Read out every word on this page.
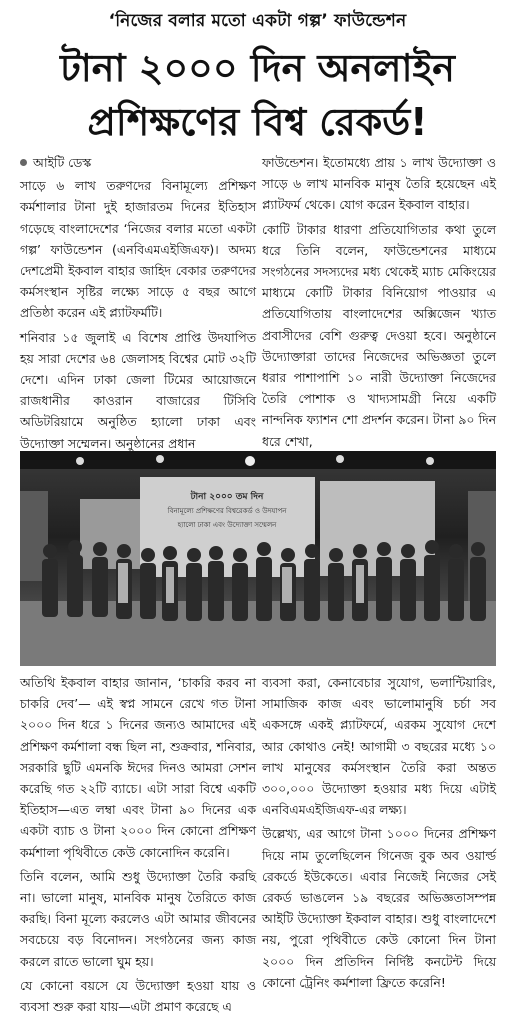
‘নিজের বলার মতো একটা গল্প’ ফাউন্ডেশন
টানা ২০০০ দিন অনলাইন
প্রশিক্ষণের বিশ্ব রেকর্ড!
আইটি ডেস্ক

সাড়ে ৬ লাখ তরুণদের বিনামূল্যে প্রশিক্ষণ কর্মশালার টানা দুই হাজারতম দিনের ইতিহাস গড়েছে বাংলাদেশের ‘নিজের বলার মতো একটা গল্প’ ফাউন্ডেশন (এনবিএমএইজিএফ)। অদম্য দেশপ্রেমী ইকবাল বাহার জাহিদ বেকার তরুণদের কর্মসংস্থান সৃষ্টির লক্ষ্যে সাড়ে ৫ বছর আগে প্রতিষ্ঠা করেন এই প্ল্যাটফর্মটি।

শনিবার ১৫ জুলাই এ বিশেষ প্রাপ্তি উদযাপিত হয় সারা দেশের ৬৪ জেলাসহ বিশ্বের মোট ৩২টি দেশে। এদিন ঢাকা জেলা টিমের আয়োজনে রাজধানীর কাওরান বাজারের টিসিবি অডিটরিয়ামে অনুষ্ঠিত হ্যালো ঢাকা এবং উদ্যোক্তা সম্মেলন। অনুষ্ঠানের প্রধান

ফাউন্ডেশন। ইতোমধ্যে প্রায় ১ লাখ উদ্যোক্তা ও সাড়ে ৬ লাখ মানবিক মানুষ তৈরি হয়েছেন এই প্ল্যাটফর্ম থেকে। যোগ করেন ইকবাল বাহার।

কোটি টাকার ধারণা প্রতিযোগিতার কথা তুলে ধরে তিনি বলেন, ফাউন্ডেশনের মাধ্যমে সংগঠনের সদস্যদের মধ্য থেকেই ম্যাচ মেকিংয়ের মাধ্যমে কোটি টাকার বিনিয়োগ পাওয়ার এ প্রতিযোগিতায় বাংলাদেশের অক্সিজেন খ্যাত প্রবাসীদের বেশি গুরুত্ব দেওয়া হবে। অনুষ্ঠানে উদ্যোক্তারা তাদের নিজেদের অভিজ্ঞতা তুলে ধরার পাশাপাশি ১০ নারী উদ্যোক্তা নিজেদের তৈরি পোশাক ও খাদ্যসামগ্রী নিয়ে একটি নান্দনিক ফ্যাশন শো প্রদর্শন করেন। টানা ৯০ দিন ধরে শেখা,

টানা ২০০০ তম দিন
বিনামূল্যে প্রশিক্ষণের বিশ্বরেকর্ড ও উদযাপন
হ্যালো ঢাকা এবং উদ্যোক্তা সম্মেলন

অতিথি ইকবাল বাহার জানান, ‘চাকরি করব না চাকরি দেব’— এই স্বপ্ন সামনে রেখে গত টানা ২০০০ দিন ধরে ১ দিনের জন্যও আমাদের এই প্রশিক্ষণ কর্মশালা বন্ধ ছিল না, শুক্রবার, শনিবার, সরকারি ছুটি এমনকি ঈদের দিনও আমরা সেশন করেছি গত ২২টি ব্যাচে। এটা সারা বিশ্বে একটি ইতিহাস—এত লম্বা এবং টানা ৯০ দিনের এক একটা ব্যাচ ও টানা ২০০০ দিন কোনো প্রশিক্ষণ কর্মশালা পৃথিবীতে কেউ কোনোদিন করেনি।

তিনি বলেন, আমি শুধু উদ্যোক্তা তৈরি করছি না। ভালো মানুষ, মানবিক মানুষ তৈরিতে কাজ করছি। বিনা মূল্যে করলেও এটা আমার জীবনের সবচেয়ে বড় বিনোদন। সংগঠনের জন্য কাজ করলে রাতে ভালো ঘুম হয়।

যে কোনো বয়সে যে উদ্যোক্তা হওয়া যায় ও ব্যবসা শুরু করা যায়—এটা প্রমাণ করেছে এ

ব্যবসা করা, কেনাবেচার সুযোগ, ভলান্টিয়ারিং, সামাজিক কাজ এবং ভালোমানুষি চর্চা সব একসঙ্গে একই প্ল্যাটফর্মে, এরকম সুযোগ দেশে আর কোথাও নেই! আগামী ৩ বছরের মধ্যে ১০ লাখ মানুষের কর্মসংস্থান তৈরি করা অন্তত ৩০০,০০০ উদ্যোক্তা হওয়ার মধ্য দিয়ে এটাই এনবিএমএইজিএফ-এর লক্ষ্য।

উল্লেখ্য, এর আগে টানা ১০০০ দিনের প্রশিক্ষণ দিয়ে নাম তুলেছিলেন গিনেজ বুক অব ওয়ার্ল্ড রেকর্ডে ইউকেতে। এবার নিজেই নিজের সেই রেকর্ড ভাঙলেন ১৯ বছরের অভিজ্ঞতাসম্পন্ন আইটি উদ্যোক্তা ইকবাল বাহার। শুধু বাংলাদেশে নয়, পুরো পৃথিবীতে কেউ কোনো দিন টানা ২০০০ দিন প্রতিদিন নির্দিষ্ট কনটেন্ট দিয়ে কোনো ট্রেনিং কর্মশালা ফ্রিতে করেনি!
